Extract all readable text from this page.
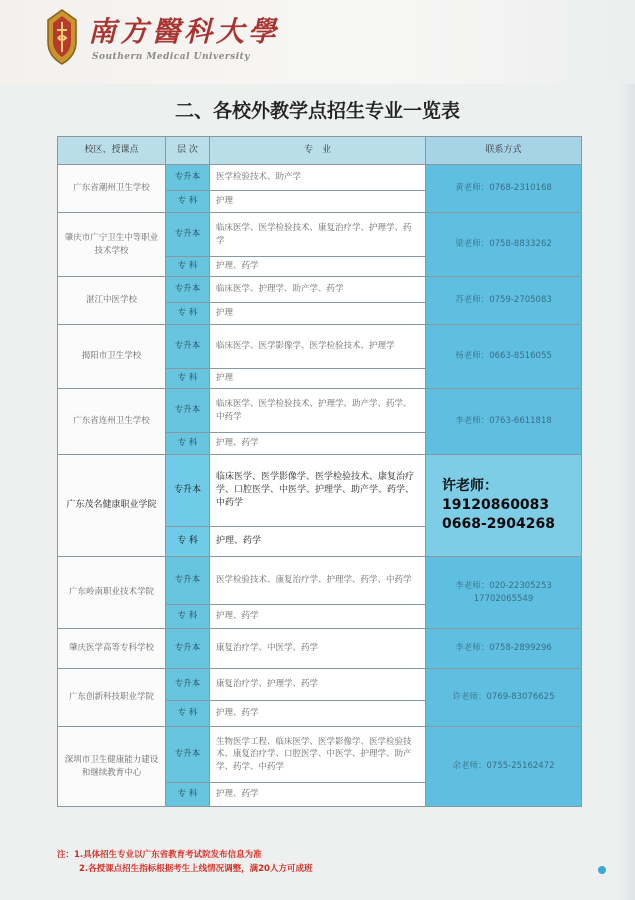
南方醫科大學
Southern Medical University
二、各校外教学点招生专业一览表
校区、授课点	层 次	专　业	联系方式
广东省潮州卫生学校	专升本	医学检验技术、助产学	黄老师：0768-2310168

	专 科	护理	
肇庆市广宁卫生中等职业技术学校	专升本	临床医学、医学检验技术、康复治疗学、护理学、药学	梁老师：0758-8833262

	专 科	护理、药学	
湛江中医学校	专升本	临床医学、护理学、助产学、药学	苏老师：0759-2705083

	专 科	护理	
揭阳市卫生学校	专升本	临床医学、医学影像学、医学检验技术、护理学	杨老师：0663-8516055

	专 科	护理	
广东省连州卫生学校	专升本	临床医学、医学检验技术、护理学、助产学、药学、中药学	李老师：0763-6611818

	专 科	护理、药学	
广东茂名健康职业学院	专升本	临床医学、医学影像学、医学检验技术、康复治疗学、口腔医学、中医学、护理学、助产学、药学、中药学	许老师：
19120860083
0668-2904268

	专 科	护理、药学	
广东岭南职业技术学院	专升本	医学检验技术、康复治疗学、护理学、药学、中药学	李老师：020-22305253
17702065549

	专 科	护理、药学	
肇庆医学高等专科学校	专升本	康复治疗学、中医学、药学	李老师：0758-2899296

广东创新科技职业学院	专升本	康复治疗学、护理学、药学	许老师：0769-83076625

	专 科	护理、药学	
深圳市卫生健康能力建设和继续教育中心	专升本	生物医学工程、临床医学、医学影像学、医学检验技术、康复治疗学、口腔医学、中医学、护理学、助产学、药学、中药学	余老师：0755-25162472

	专 科	护理、药学	
注：1.具体招生专业以广东省教育考试院发布信息为准
2.各授课点招生指标根据考生上线情况调整，满20人方可成班
